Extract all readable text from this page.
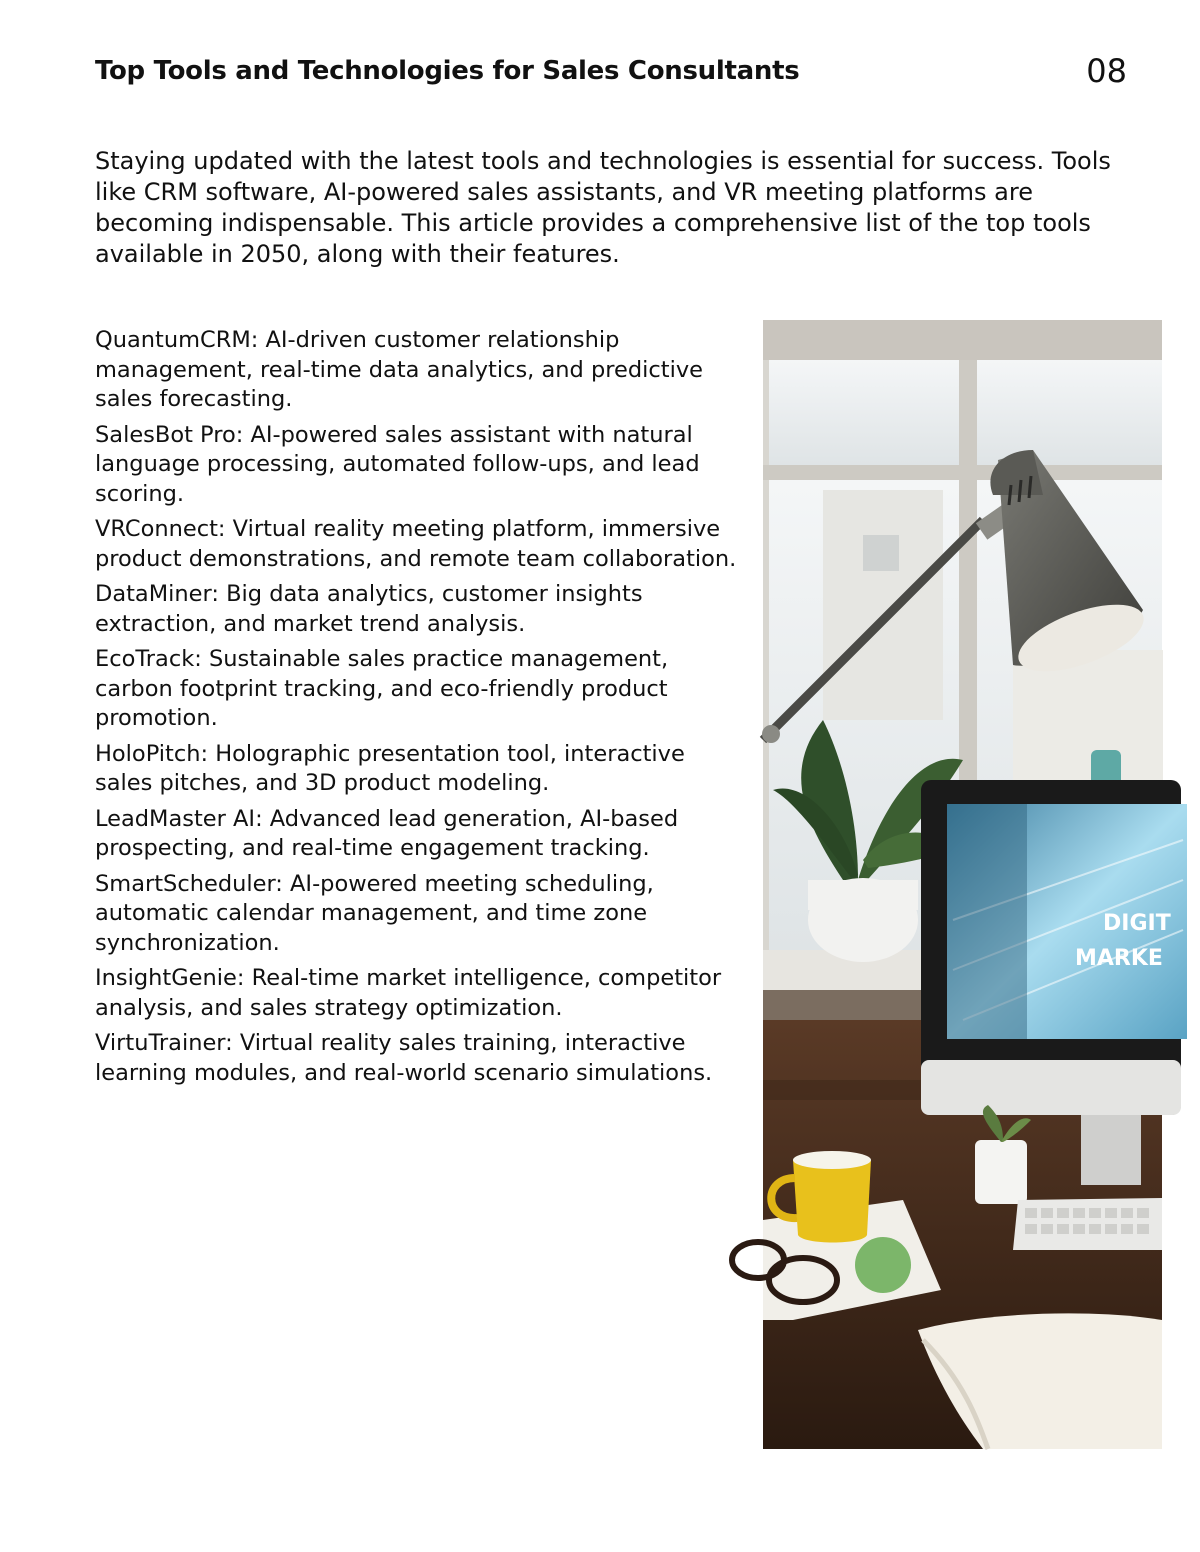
Top Tools and Technologies for Sales Consultants	08

Staying updated with the latest tools and technologies is essential for success. Tools like CRM software, AI-powered sales assistants, and VR meeting platforms are becoming indispensable. This article provides a comprehensive list of the top tools available in 2050, along with their features.

QuantumCRM: AI-driven customer relationship management, real-time data analytics, and predictive sales forecasting.
SalesBot Pro: AI-powered sales assistant with natural language processing, automated follow-ups, and lead scoring.
VRConnect: Virtual reality meeting platform, immersive product demonstrations, and remote team collaboration.
DataMiner: Big data analytics, customer insights extraction, and market trend analysis.
EcoTrack: Sustainable sales practice management, carbon footprint tracking, and eco-friendly product promotion.
HoloPitch: Holographic presentation tool, interactive sales pitches, and 3D product modeling.
LeadMaster AI: Advanced lead generation, AI-based prospecting, and real-time engagement tracking.
SmartScheduler: AI-powered meeting scheduling, automatic calendar management, and time zone synchronization.
InsightGenie: Real-time market intelligence, competitor analysis, and sales strategy optimization.
VirtuTrainer: Virtual reality sales training, interactive learning modules, and real-world scenario simulations.
DIGIT
MARKE
